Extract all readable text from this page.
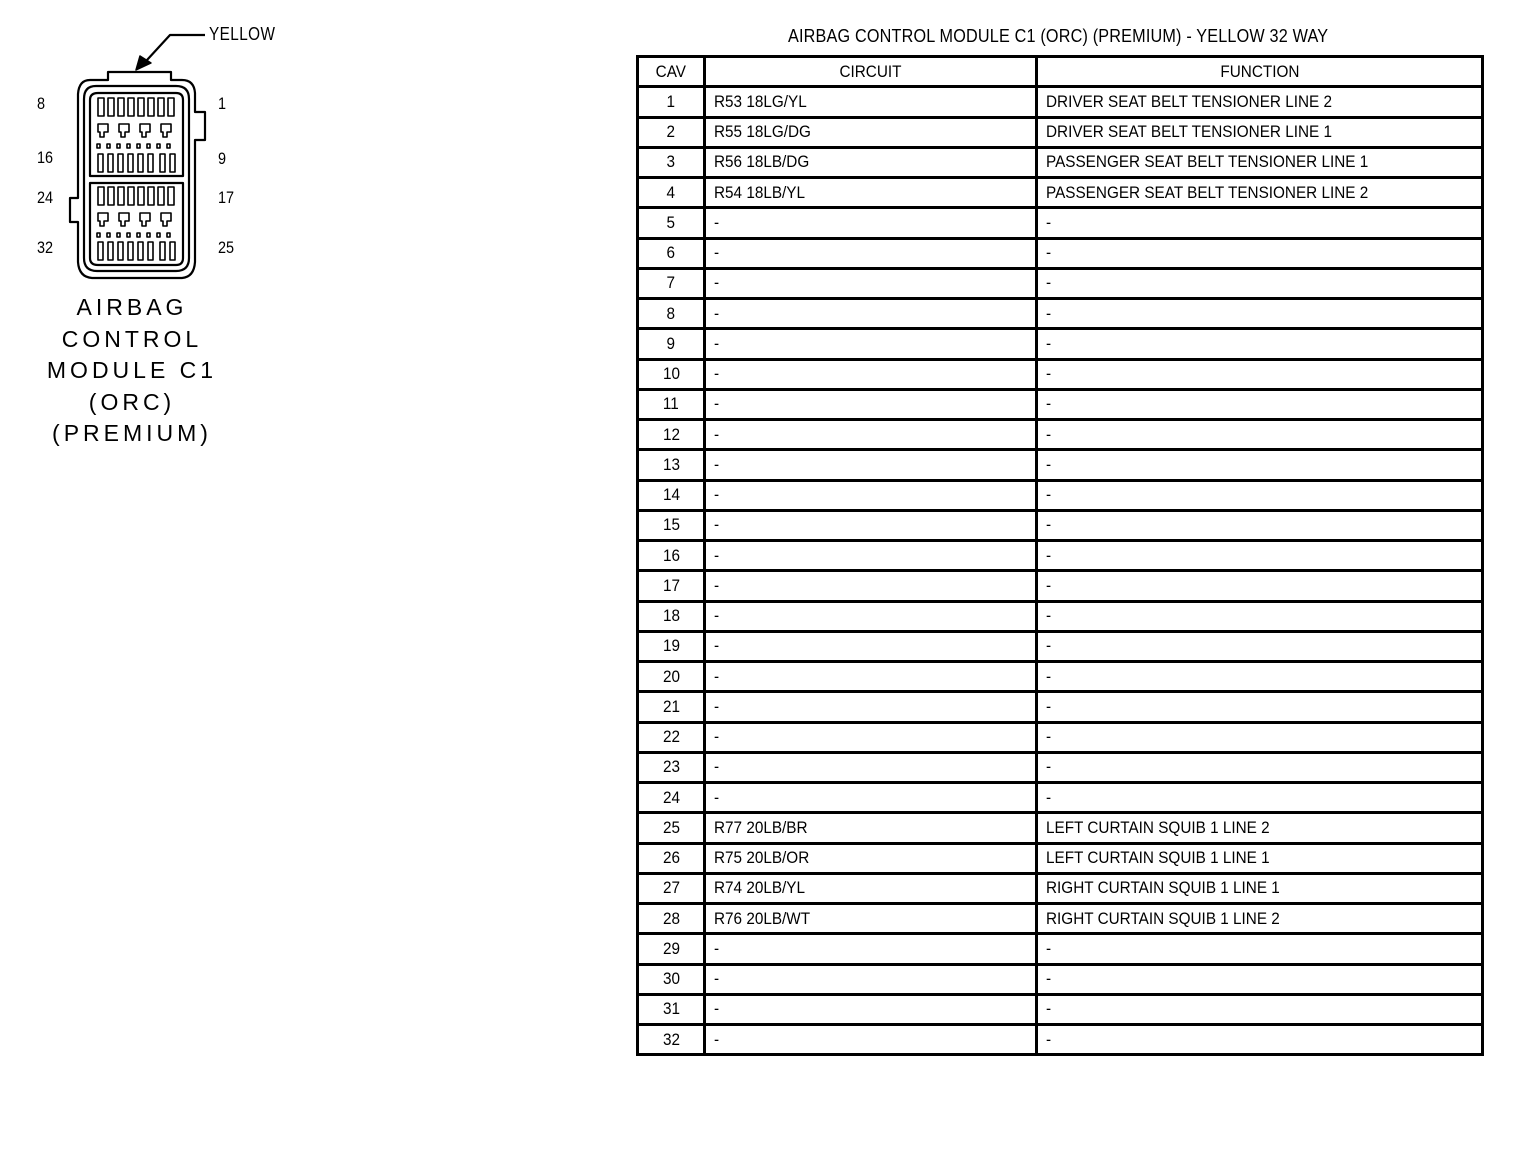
YELLOW
8	1
16	9
24	17
32	25
AIRBAG
CONTROL
MODULE C1
(ORC)
(PREMIUM)
AIRBAG CONTROL MODULE C1 (ORC) (PREMIUM) - YELLOW 32 WAY
CAV	CIRCUIT	FUNCTION
1	R53 18LG/YL	DRIVER SEAT BELT TENSIONER LINE 2
2	R55 18LG/DG	DRIVER SEAT BELT TENSIONER LINE 1
3	R56 18LB/DG	PASSENGER SEAT BELT TENSIONER LINE 1
4	R54 18LB/YL	PASSENGER SEAT BELT TENSIONER LINE 2
5	-	-
6	-	-
7	-	-
8	-	-
9	-	-
10	-	-
11	-	-
12	-	-
13	-	-
14	-	-
15	-	-
16	-	-
17	-	-
18	-	-
19	-	-
20	-	-
21	-	-
22	-	-
23	-	-
24	-	-
25	R77 20LB/BR	LEFT CURTAIN SQUIB 1 LINE 2
26	R75 20LB/OR	LEFT CURTAIN SQUIB 1 LINE 1
27	R74 20LB/YL	RIGHT CURTAIN SQUIB 1 LINE 1
28	R76 20LB/WT	RIGHT CURTAIN SQUIB 1 LINE 2
29	-	-
30	-	-
31	-	-
32	-	-
